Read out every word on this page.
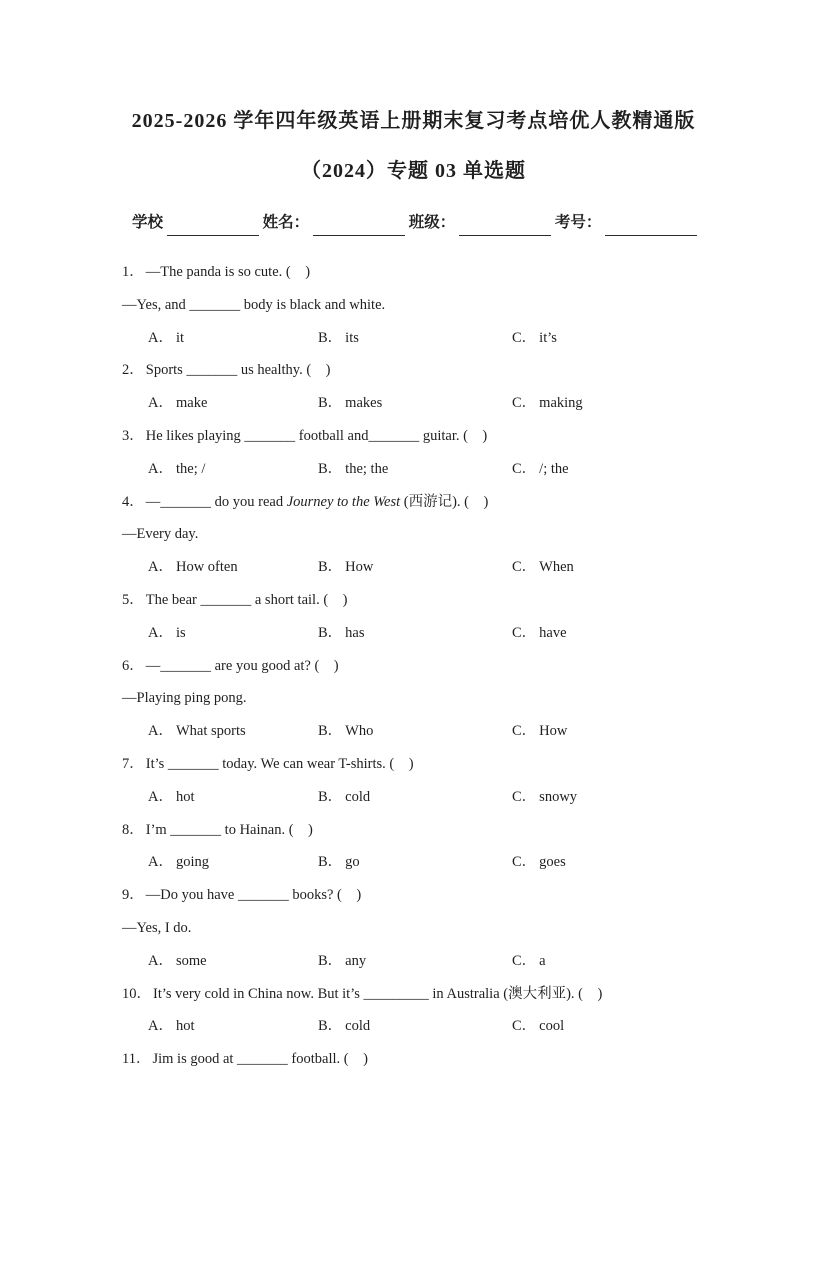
2025-2026 学年四年级英语上册期末复习考点培优人教精通版
（2024）专题 03 单选题
学校	姓名：	班级：	考号：
1． —The panda is so cute. (　)
—Yes, and _______ body is black and white.
A． it	B． its	C． it’s
2． Sports _______ us healthy. (　)
A． make	B． makes	C． making
3． He likes playing _______ football and_______ guitar. (　)
A． the; /	B． the; the	C． /; the
4． —_______ do you read Journey to the West (西游记). (　)
—Every day.
A． How often	B． How	C． When
5． The bear _______ a short tail. (　)
A． is	B． has	C． have
6． —_______ are you good at? (　)
—Playing ping pong.
A． What sports	B． Who	C． How
7． It’s _______ today. We can wear T-shirts. (　)
A． hot	B． cold	C． snowy
8． I’m _______ to Hainan. (　)
A． going	B． go	C． goes
9． —Do you have _______ books? (　)
—Yes, I do.
A． some	B． any	C． a
10． It’s very cold in China now. But it’s _________ in Australia (澳大利亚). (　)
A． hot	B． cold	C． cool
11． Jim is good at _______ football. (　)
